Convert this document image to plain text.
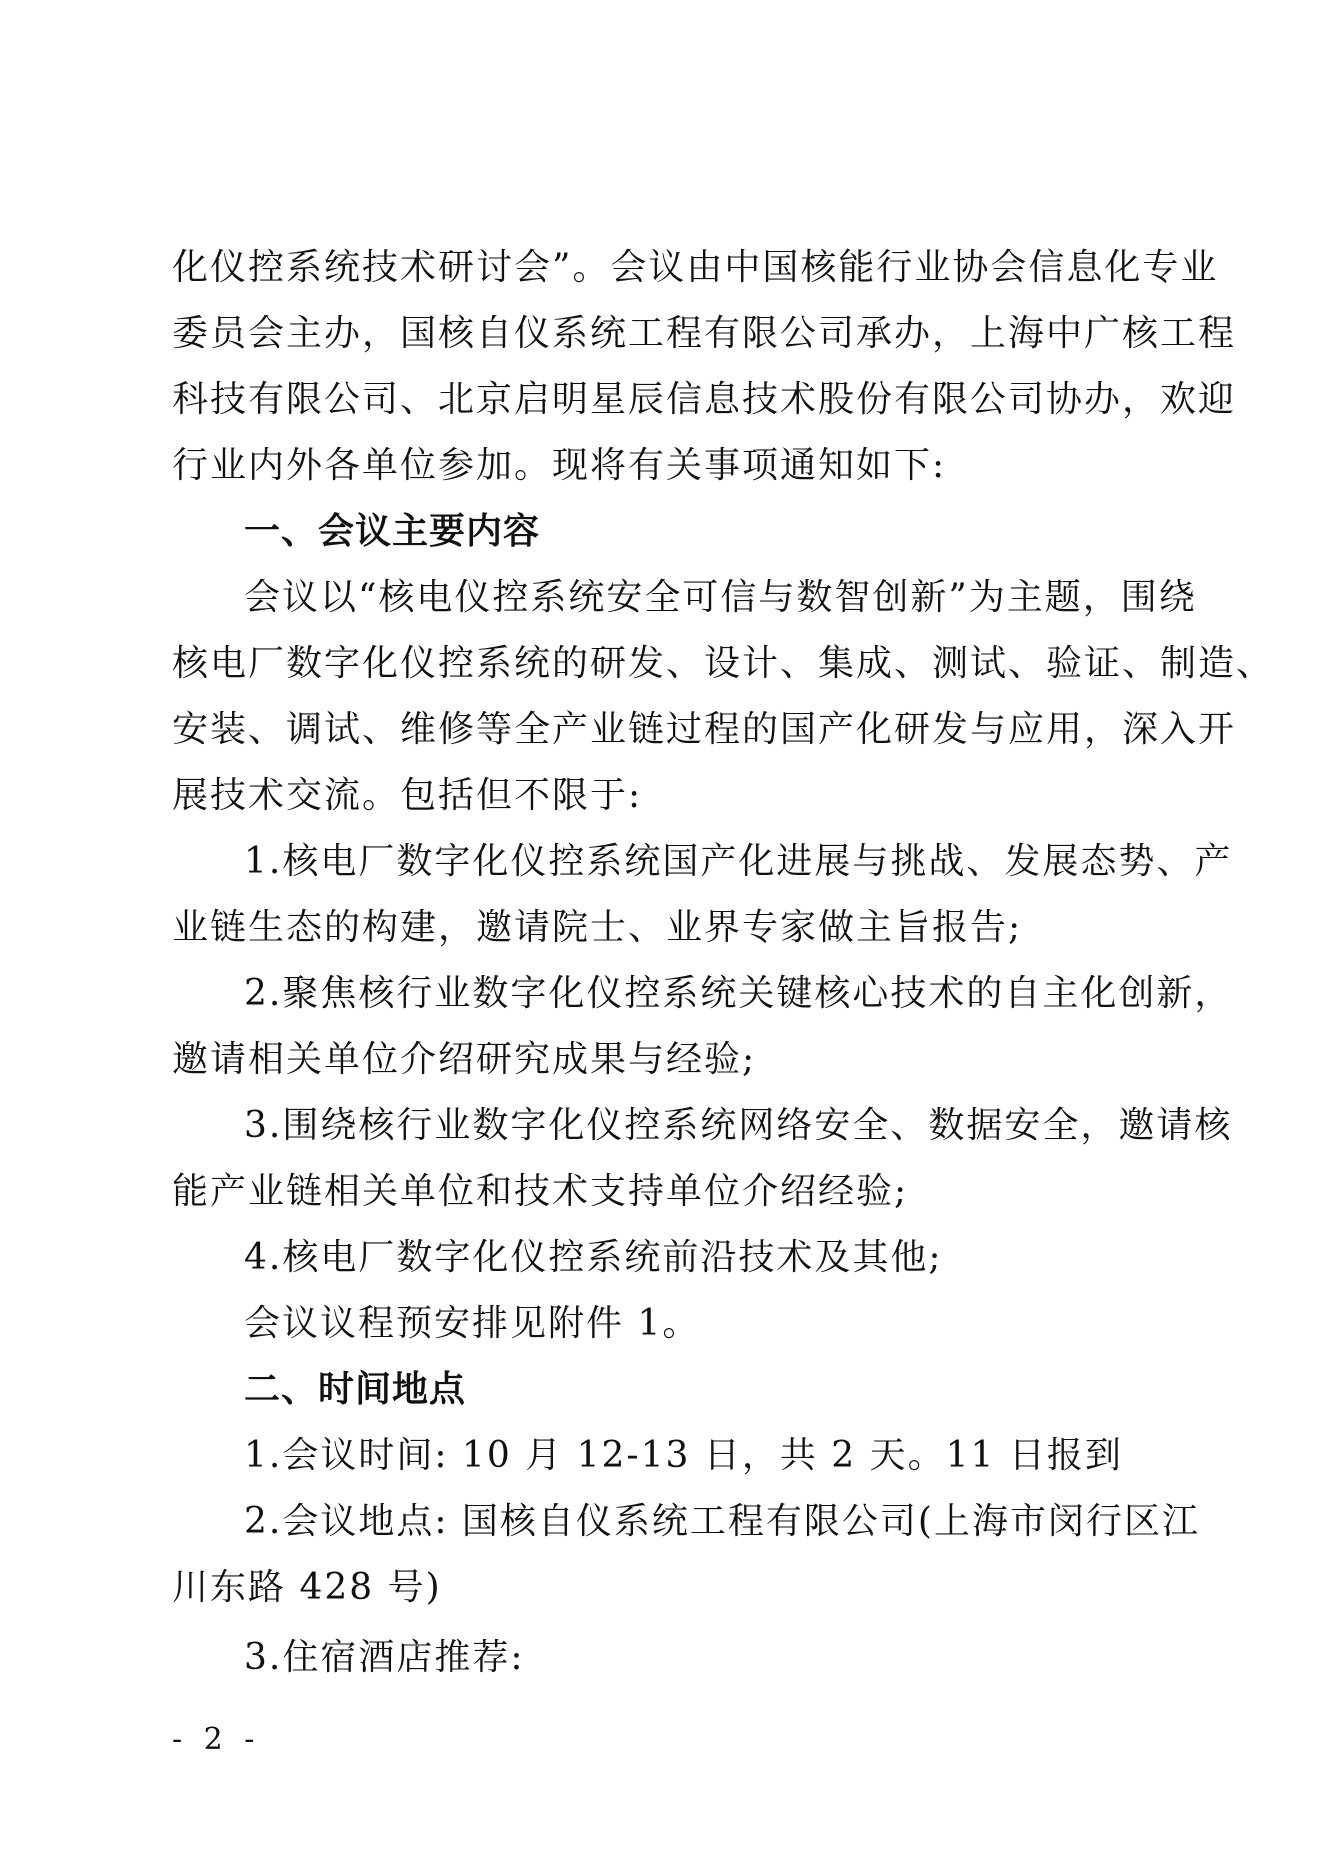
化仪控系统技术研讨会”。会议由中国核能行业协会信息化专业
委员会主办，国核自仪系统工程有限公司承办，上海中广核工程
科技有限公司、北京启明星辰信息技术股份有限公司协办，欢迎
行业内外各单位参加。现将有关事项通知如下:
一、会议主要内容
会议以“核电仪控系统安全可信与数智创新”为主题，围绕
核电厂数字化仪控系统的研发、设计、集成、测试、验证、制造、
安装、调试、维修等全产业链过程的国产化研发与应用，深入开
展技术交流。包括但不限于:
1.核电厂数字化仪控系统国产化进展与挑战、发展态势、产
业链生态的构建，邀请院士、业界专家做主旨报告;
2.聚焦核行业数字化仪控系统关键核心技术的自主化创新，
邀请相关单位介绍研究成果与经验;
3.围绕核行业数字化仪控系统网络安全、数据安全，邀请核
能产业链相关单位和技术支持单位介绍经验;
4.核电厂数字化仪控系统前沿技术及其他;
会议议程预安排见附件 1。
二、时间地点
1.会议时间: 10 月 12-13 日，共 2 天。11 日报到
2.会议地点: 国核自仪系统工程有限公司(上海市闵行区江
川东路 428 号)
3.住宿酒店推荐:
- 2 -
